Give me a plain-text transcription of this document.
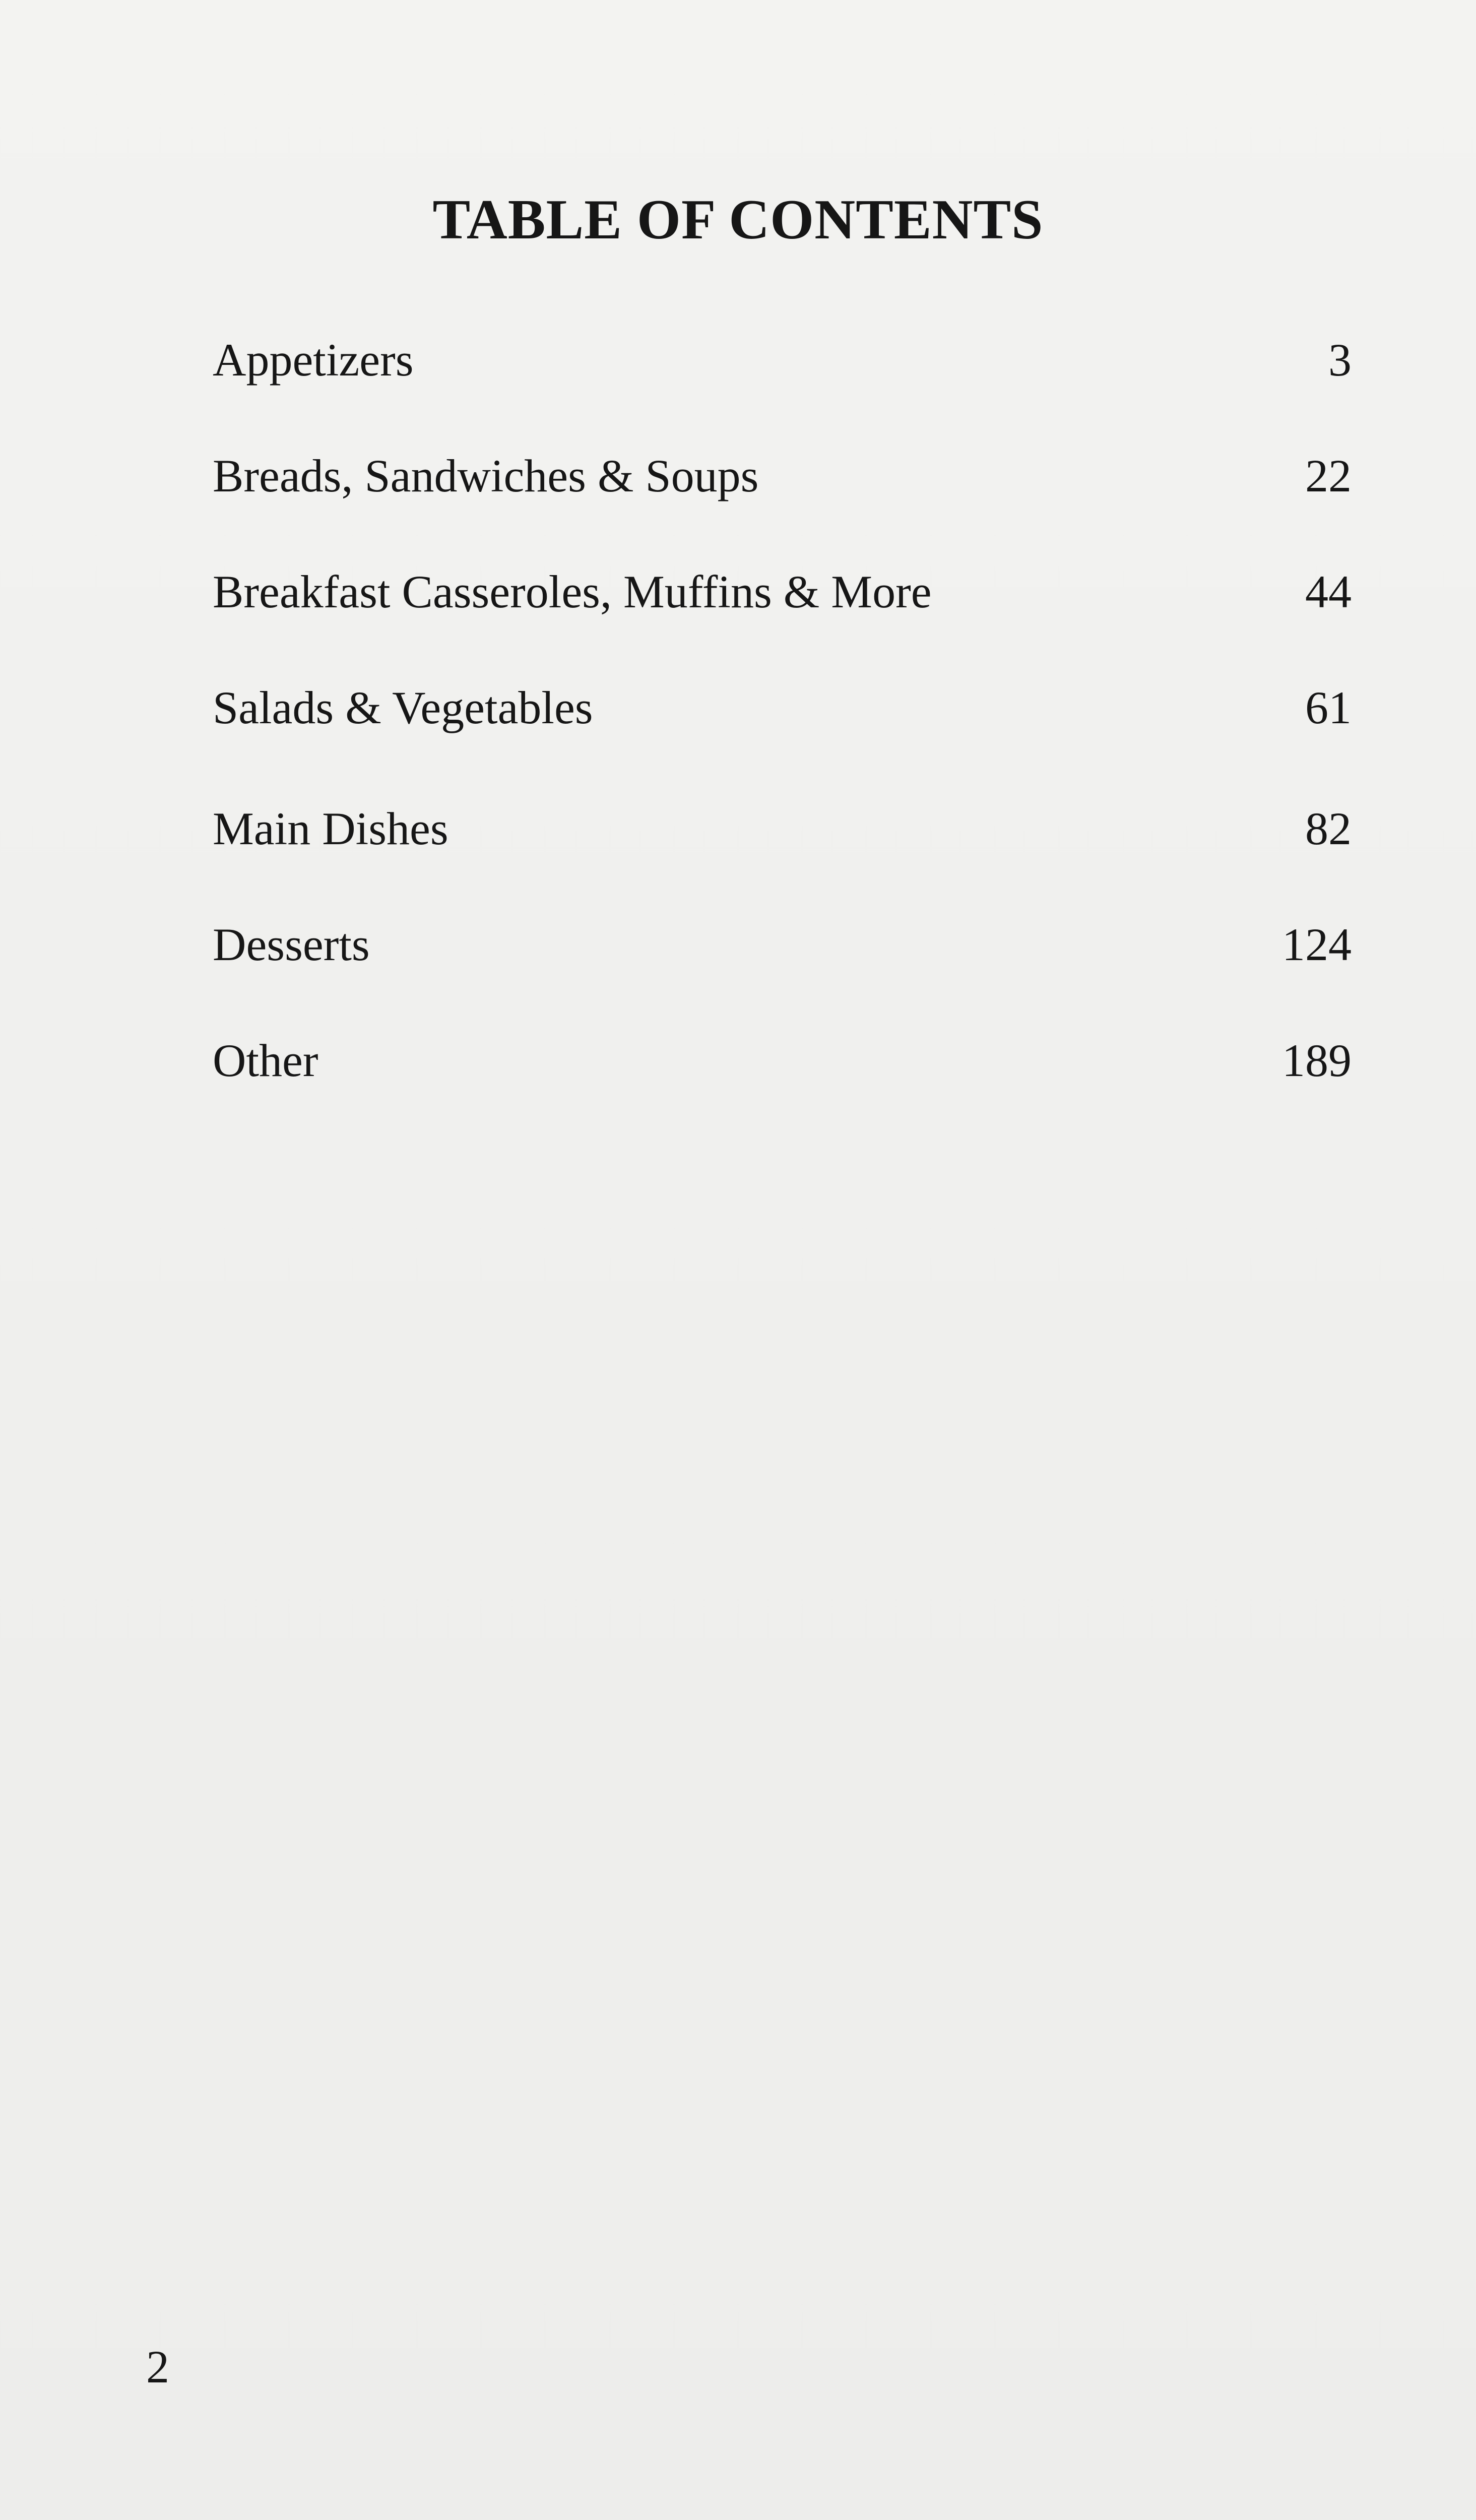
TABLE OF CONTENTS
Appetizers	3
Breads, Sandwiches & Soups	22
Breakfast Casseroles, Muffins & More	44
Salads & Vegetables	61
Main Dishes	82
Desserts	124
Other	189
2
